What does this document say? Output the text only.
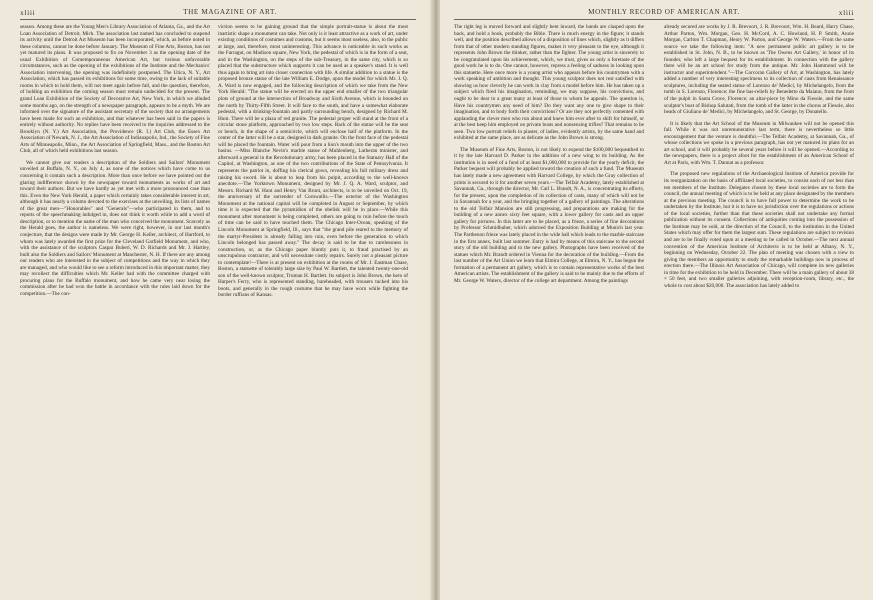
xliii	THE MAGAZINE OF ART.

season. Among these are the Young Men's Library Association of Atlanta, Ga., and the Art Loan Association of Detroit, Mich. The association last named has concluded to suspend its activity until the Detroit Art Museum has been incorporated, which, as before noted in these columns, cannot be done before January. The Museum of Fine Arts, Boston, has not yet matured its plans. It was proposed to fix on November 3 as the opening date of the usual Exhibition of Contemporaneous American Art, but various unfavorable circumstances, such as the opening of the exhibitions of the Institute and the Mechanics' Association intervening, the opening was indefinitely postponed. The Utica, N. Y., Art Association, which has passed its exhibitions for some time, owing to the lack of suitable rooms in which to hold them, will not meet again before fall, and the question, therefore, of holding an exhibition the coming season must remain undecided for the present. The grand Loan Exhibition of the Society of Decorative Art, New York, in which we alluded some months ago, on the strength of a newspaper paragraph, appears to be a myth. We are informed over the signature of the assistant secretary of the society that no arrangements have been made for such an exhibition, and that whatever has been said in the papers is entirely without authority. No replies have been received to the inquiries addressed to the Brooklyn (N. Y.) Art Association, the Providence (R. I.) Art Club, the Essex Art Association of Newark, N. J., the Art Association of Indianapolis, Ind., the Society of Fine Arts of Minneapolis, Minn., the Art Association of Springfield, Mass., and the Boston Art Club, all of which held exhibitions last season.

We cannot give our readers a description of the Soldiers and Sailors' Monument unveiled at Buffalo, N. Y., on July 4, as none of the notices which have come to us concerning it contain such a description. More than once before we have pointed out the glaring indifference shown by the newspaper toward monuments as works of art and toward their authors. But we have hardly as yet met with a more pronounced case than this. Even the New York Herald, a paper which certainly takes considerable interest in art, although it has nearly a column devoted to the exercises at the unveiling, its lists of names of the great men—"Honorables" and "Generals"—who participated in them, and to reports of the speechmaking indulged in, does not think it worth while to add a word of description, or to mention the name of the man who conceived the monument. Scarcely as the Herald goes, the author is nameless. We were right, however, in our last month's conjecture, that the designs were made by Mr. George H. Keller, architect, of Hartford, to whom was lately awarded the first prize for the Cleveland Garfield Monument, and who, with the assistance of the sculptors Caspar Buberl, W. D. Richards and Mr. J. Hartley, built also the Soldiers and Sailors' Monument at Manchester, N. H. If there are any among our readers who are interested in the subject of competitions and the way in which they are managed, and who would like to see a reform introduced in this important matter, they may recollect the difficulties which Mr. Keller had with the committee charged with procuring plans for the Buffalo monument, and how he came very near losing the commission after he had won the battle in accordance with the rules laid down for the competition.—The con-

viction seems to be gaining ground that the simple portrait-statue is about the most inartistic shape a monument can take. Not only is it least attractive as a work of art, under existing conditions of costumes and customs, but it seems most useless, also, to the public at large, and, therefore, most uninteresting. This advance is noticeable in such works as the Farragut, on Madison square, New York, the pedestal of which is in the form of a seat, and in the Washington, on the steps of the sub-Treasury, in the same city, which is so placed that the substructure which supports it can be used as a speaker's stand. It is well thus again to bring art into closer connection with life. A similar addition to a statue is the proposed bronze statue of the late William E. Dodge, upon the model for which Mr. J. Q. A. Ward is now engaged, and the following description of which we take from the New York Herald: "The statue will be erected on the upper end smaller of the two triangular plots of ground at the intersection of Broadway and Sixth Avenue, which is bounded on the north by Thirty-Fifth Street. It will face to the south, and have a somewhat elaborate pedestal, with a drinking-fountain and partly surrounding bench, designed by Richard M. Hunt. There will be a plaza of red granite. The pedestal proper will stand at the front of a circular stone platform, approached by two low steps. Back of the statue will be the seat or bench, in the shape of a semicircle, which will enclose half of the platform. In the center of the latter will be a star, designed in dark granite. On the front face of the pedestal will be placed the fountain. Water will pour from a lion's mouth into the upper of the two basins. —Miss Blanche Nevin's marble statue of Muhlenberg, Lutheran minister, and afterward a general in the Revolutionary army, has been placed in the Statuary Hall of the Capitol, at Washington, as one of the two contributions of the State of Pennsylvania. It represents the patriot in, doffing his clerical gown, revealing his full military dress and raising his sword. He is about to leap from his pulpit, according to the well-known anecdote.—The Yorktown Monument, designed by Mr. J. Q. A. Ward, sculptor, and Messrs. Richard M. Hunt and Henry Van Brunt, architects, is to be unveiled on Oct. 19, the anniversary of the surrender of Cornwallis.—The exterior of the Washington Monument at the national capital will be completed in August or September, by which time it is expected that the pyramidion of the obelisk will be in place.—While this monument after monument is being completed, others are going to ruin before the touch of time can be said to have touched them. The Chicago Inter-Ocean, speaking of the Lincoln Monument at Springfield, Ill., says that "the grand pile reared to the memory of the martyr-President is already falling into ruin, even before the generation to which Lincoln belonged has passed away." The decay is said to be due to carelessness in construction, or, as the Chicago paper bluntly puts it, to fraud practised by an unscrupulous contractor, and will necessitate costly repairs. Surely not a pleasant picture to contemplate!—There is at present on exhibition at the rooms of Mr. J. Eastman Chase, Boston, a statuette of tolerably large size by Paul W. Bartlett, the talented twenty-one-old son of the well-known sculptor, Truman H. Bartlett. Its subject is John Brown, the hero of Harper's Ferry, who is represented standing, bareheaded, with trousers tucked into his boots, and generally in the rough costume that he may have worn while fighting the border ruffians of Kansas.

MONTHLY RECORD OF AMERICAN ART.	xliii

The right leg is moved forward and slightly bent inward, the hands are clasped upon the back, and hold a book, probably the Bible. There is much energy in the figure; it stands well, and the position described allows of a disposition of lines which, slightly as it differs from that of other modern standing figures, makes it very pleasant to the eye, although it represents John Brown the thinker, rather than the fighter. The young artist is sincerely to be congratulated upon his achievement, which, we trust, gives us only a foretaste of the good work he is to do. One cannot, however, repress a feeling of sadness in looking upon this statuette. Here once more is a young artist who appears before his countrymen with a work speaking of ambition and thought. This young sculptor does not rest satisfied with showing us how cleverly he can work in clay from a model before him. He has taken up a subject which fired his imagination, reminding, we may suppose, his convictions, and ought to be dear to a great many at least of those to whom he appeals. The question is, Have his countrymen any need of him? Do they want any one to give shape to their imagination, and to body forth their convictions? Or are they not perfectly contented with applauding the clever men who run about and knew him ever after to shift for himself, or at the best keep him employed on private busts and nonsensing trifles? That remains to be seen. Two low portrait reliefs in plaster, of ladies, evidently artists, by the same hand and exhibited at the same place, are as delicate as the John Brown is strong.

The Museum of Fine Arts, Boston, is not likely to expend the $100,000 bequeathed to it by the late Harvard D. Parker in the addition of a new wing to its building. As the institution is in need of a fund of at least $1,000,000 to provide for the yearly deficit, the Parker bequest will probably be applied toward the creation of such a fund. The Museum has lately made a new agreement with Harvard College, by which the Gray collection of prints is secured to it for another seven years.—The Telfair Academy, lately established at Savannah, Ga., through the director, Mr. Carl L. Brandt, N. A., is concentrating its efforts, for the present, upon the completion of its collection of casts, many of which will not be in Savannah for a year, and the bringing together of a gallery of paintings. The alterations to the old Telfair Mansion are still progressing, and preparations are making for the building of a new annex sixty feet square, with a lower gallery for casts and an upper gallery for pictures. In this latter are to be placed, as a frieze, a series of fine decorations by Professor Schmidhuber, which adorned the Exposition Building at Munich last year. The Parthenon frieze was lately placed in the wide hall which leads to the marble staircase in the first annex, built last summer. Entry is had by means of this staircase to the second story of the old building and to the new gallery. Photographs have been received of the statues which Mr. Brandt ordered in Vienna for the decoration of the building.—From the last number of the Art Union we learn that Elmira College, at Elmira, N. Y., has begun the formation of a permanent art gallery, which is to contain representative works of the best American artists. The establishment of the gallery is said to be mainly due to the efforts of Mr. George W. Waters, director of the college art department. Among the paintings

already secured are works by J. R. Brevoort, J. R. Brevoort, Wm. H. Beard, Harry Chase, Arthur Parton, Wm. Morgan, Geo. H. McCord, A. C. Howland, H. P. Smith, Annie Morgan, Carlton T. Chapman, Henry W. Parton, and George W. Waters.—From the same source we take the following item: "A new permanent public art gallery is to be established in St. John, N. B., to be known as 'The Owens Art Gallery,' in honor of its founder, who left a large bequest for its establishment. In connection with the gallery there will be an art school for study from the antique. Mr. John Hammond will be instructor and superintendent."—The Corcoran Gallery of Art, at Washington, has lately added a number of very interesting specimens to its collection of casts from Renaissance sculptures, including the seated statue of Lorenzo de' Medici, by Michelangelo, from the tomb in S. Lorenzo, Florence; the fine bas-reliefs by Benedetto da Maiano, from the front of the pulpit in Santa Croce, Florence; an altar-piece by Mino da Fiesole, and the same sculptor's bust of Bishop Salutati, from the tomb of the latter in the chorus at Fiesole, also heads of Giuliano de' Medici, by Michelangelo, and St. George, by Donatello.

It is likely that the Art School of the Museum in Milwaukee will not be opened this fall. While it was not unremunerative last term, there is nevertheless so little encouragement that the venture is doubtful.—The Telfair Academy, at Savannah, Ga., of whose collections we spoke in a previous paragraph, has not yet matured its plans for an art school, and it will probably be several years before it will be opened.—According to the newspapers, there is a project afoot for the establishment of an American School of Art at Paris, with Wm. T. Dannat as a professor.

The proposed new regulations of the Archaeological Institute of America provide for its reorganization on the basis of affiliated local societies, to consist each of not less than ten members of the Institute. Delegates chosen by these local societies are to form the council, the annual meeting of which is to be held at any place designated by the members at the previous meeting. The council is to have full power to determine the work to be undertaken by the Institute, but it is to have no jurisdiction over the regulations or actions of the local societies, further than that these societies shall not undertake any formal publication without its consent. Collections of antiquities coming into the possession of the Institute may be sold, at the direction of the Council, to the institution in the United States which may offer for them the largest sum. These regulations are subject to revision and are to be finally voted upon at a meeting to be called in October.—The next annual convention of the American Institute of Architects is to be held at Albany, N. Y., beginning on Wednesday, October 22. The plan of meeting was chosen with a view to giving the members an opportunity to study the remarkable buildings now in process of erection there.—The Illinois Art Association of Chicago, will complete its new galleries in time for the exhibition to be held in December. There will be a main gallery of about 38 × 50 feet, and two smaller galleries adjoining, with reception-room, library, etc., the whole to cost about $20,000. The association has lately added to
